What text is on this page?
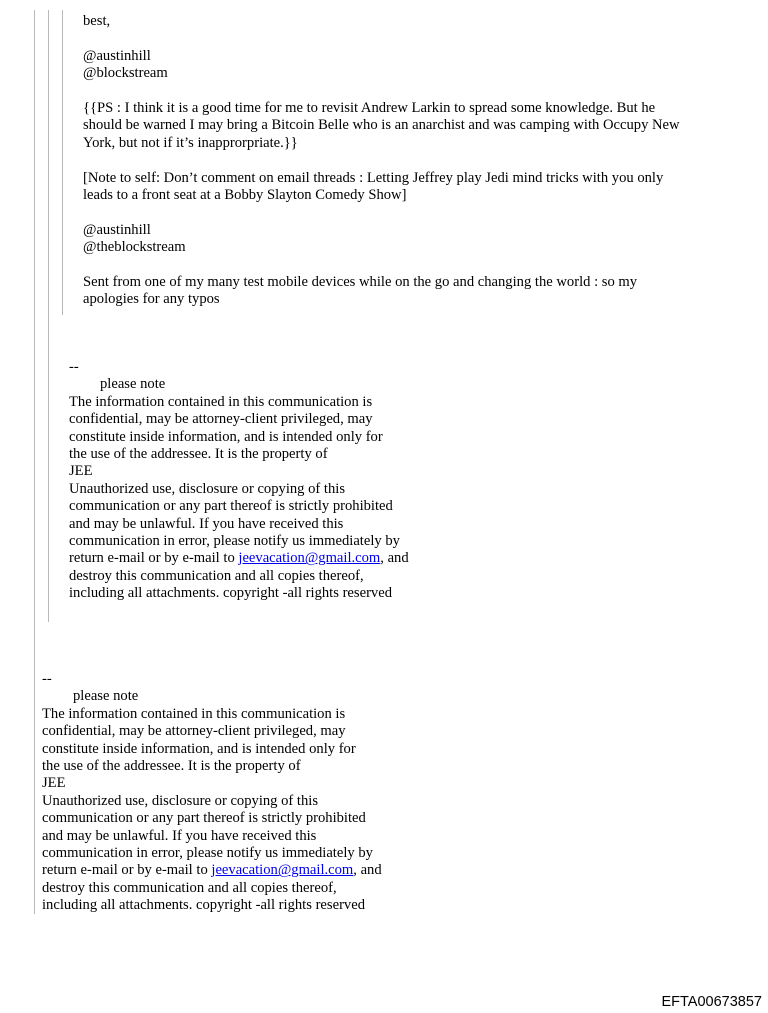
best,

@austinhill

@blockstream

{{PS : I think it is a good time for me to revisit Andrew Larkin to spread some knowledge. But he

should be warned I may bring a Bitcoin Belle who is an anarchist and was camping with Occupy New

York, but not if it’s inapprorpriate.}}

[Note to self: Don’t comment on email threads : Letting Jeffrey play Jedi mind tricks with you only

leads to a front seat at a Bobby Slayton Comedy Show]

@austinhill

@theblockstream

Sent from one of my many test mobile devices while on the go and changing the world : so my

apologies for any typos

--

please note

The information contained in this communication is

confidential, may be attorney-client privileged, may

constitute inside information, and is intended only for

the use of the addressee. It is the property of

JEE

Unauthorized use, disclosure or copying of this

communication or any part thereof is strictly prohibited

and may be unlawful. If you have received this

communication in error, please notify us immediately by

return e-mail or by e-mail to jeevacation@gmail.com, and

destroy this communication and all copies thereof,

including all attachments. copyright -all rights reserved

--

please note

The information contained in this communication is

confidential, may be attorney-client privileged, may

constitute inside information, and is intended only for

the use of the addressee. It is the property of

JEE

Unauthorized use, disclosure or copying of this

communication or any part thereof is strictly prohibited

and may be unlawful. If you have received this

communication in error, please notify us immediately by

return e-mail or by e-mail to jeevacation@gmail.com, and

destroy this communication and all copies thereof,

including all attachments. copyright -all rights reserved

EFTA00673857
